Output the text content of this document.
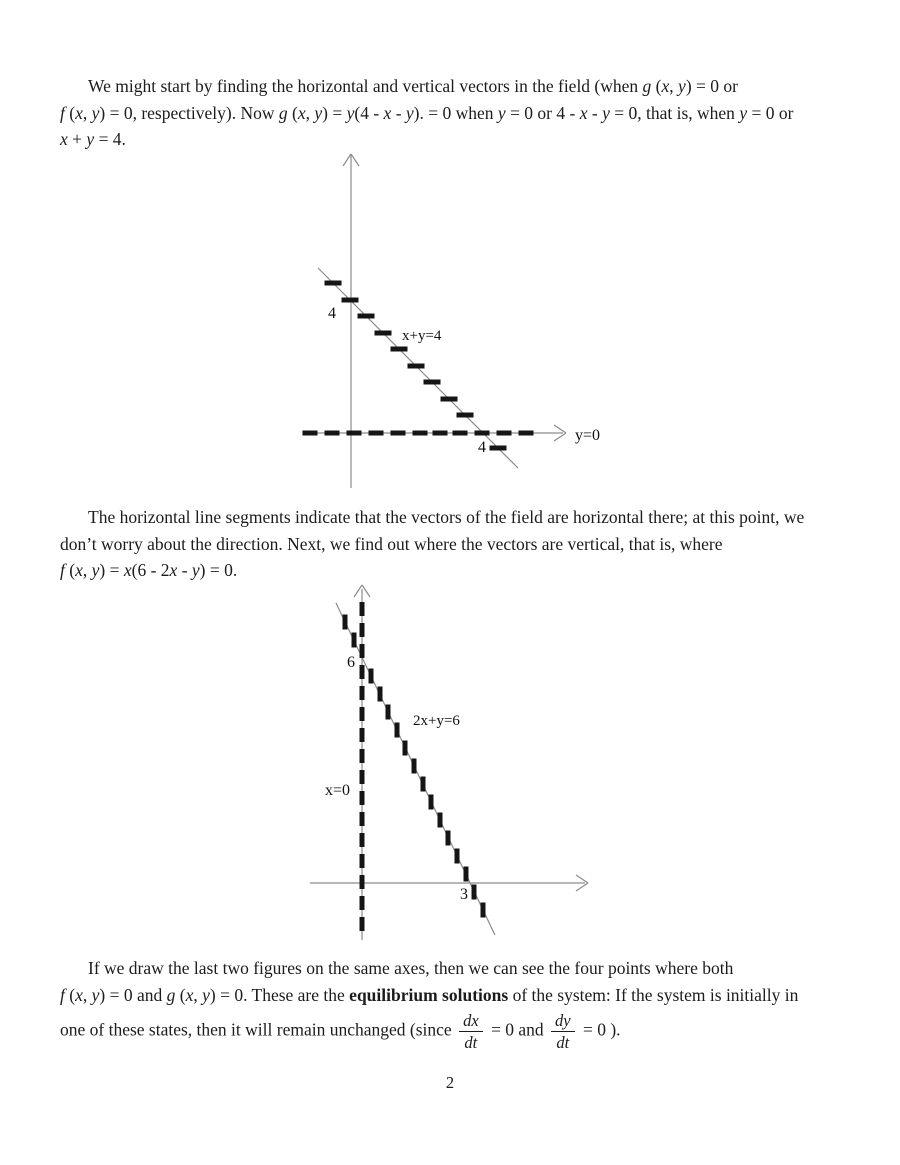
We might start by finding the horizontal and vertical vectors in the field (when g (x, y) = 0 or
f (x, y) = 0, respectively). Now g (x, y) = y(4 - x - y). = 0 when y = 0 or 4 - x - y = 0, that is, when y = 0 or
x + y = 4.
4
x+y=4
4
y=0
6
x=0
2x+y=6
3
The horizontal line segments indicate that the vectors of the field are horizontal there; at this point, we
don’t worry about the direction. Next, we find out where the vectors are vertical, that is, where
f (x, y) = x(6 - 2x - y) = 0.
If we draw the last two figures on the same axes, then we can see the four points where both
f (x, y) = 0 and g (x, y) = 0. These are the equilibrium solutions of the system: If the system is initially in
one of these states, then it will remain unchanged (since $\frac{dx}{dt} = 0$ and $\frac{dy}{dt} = 0$ ).
2
